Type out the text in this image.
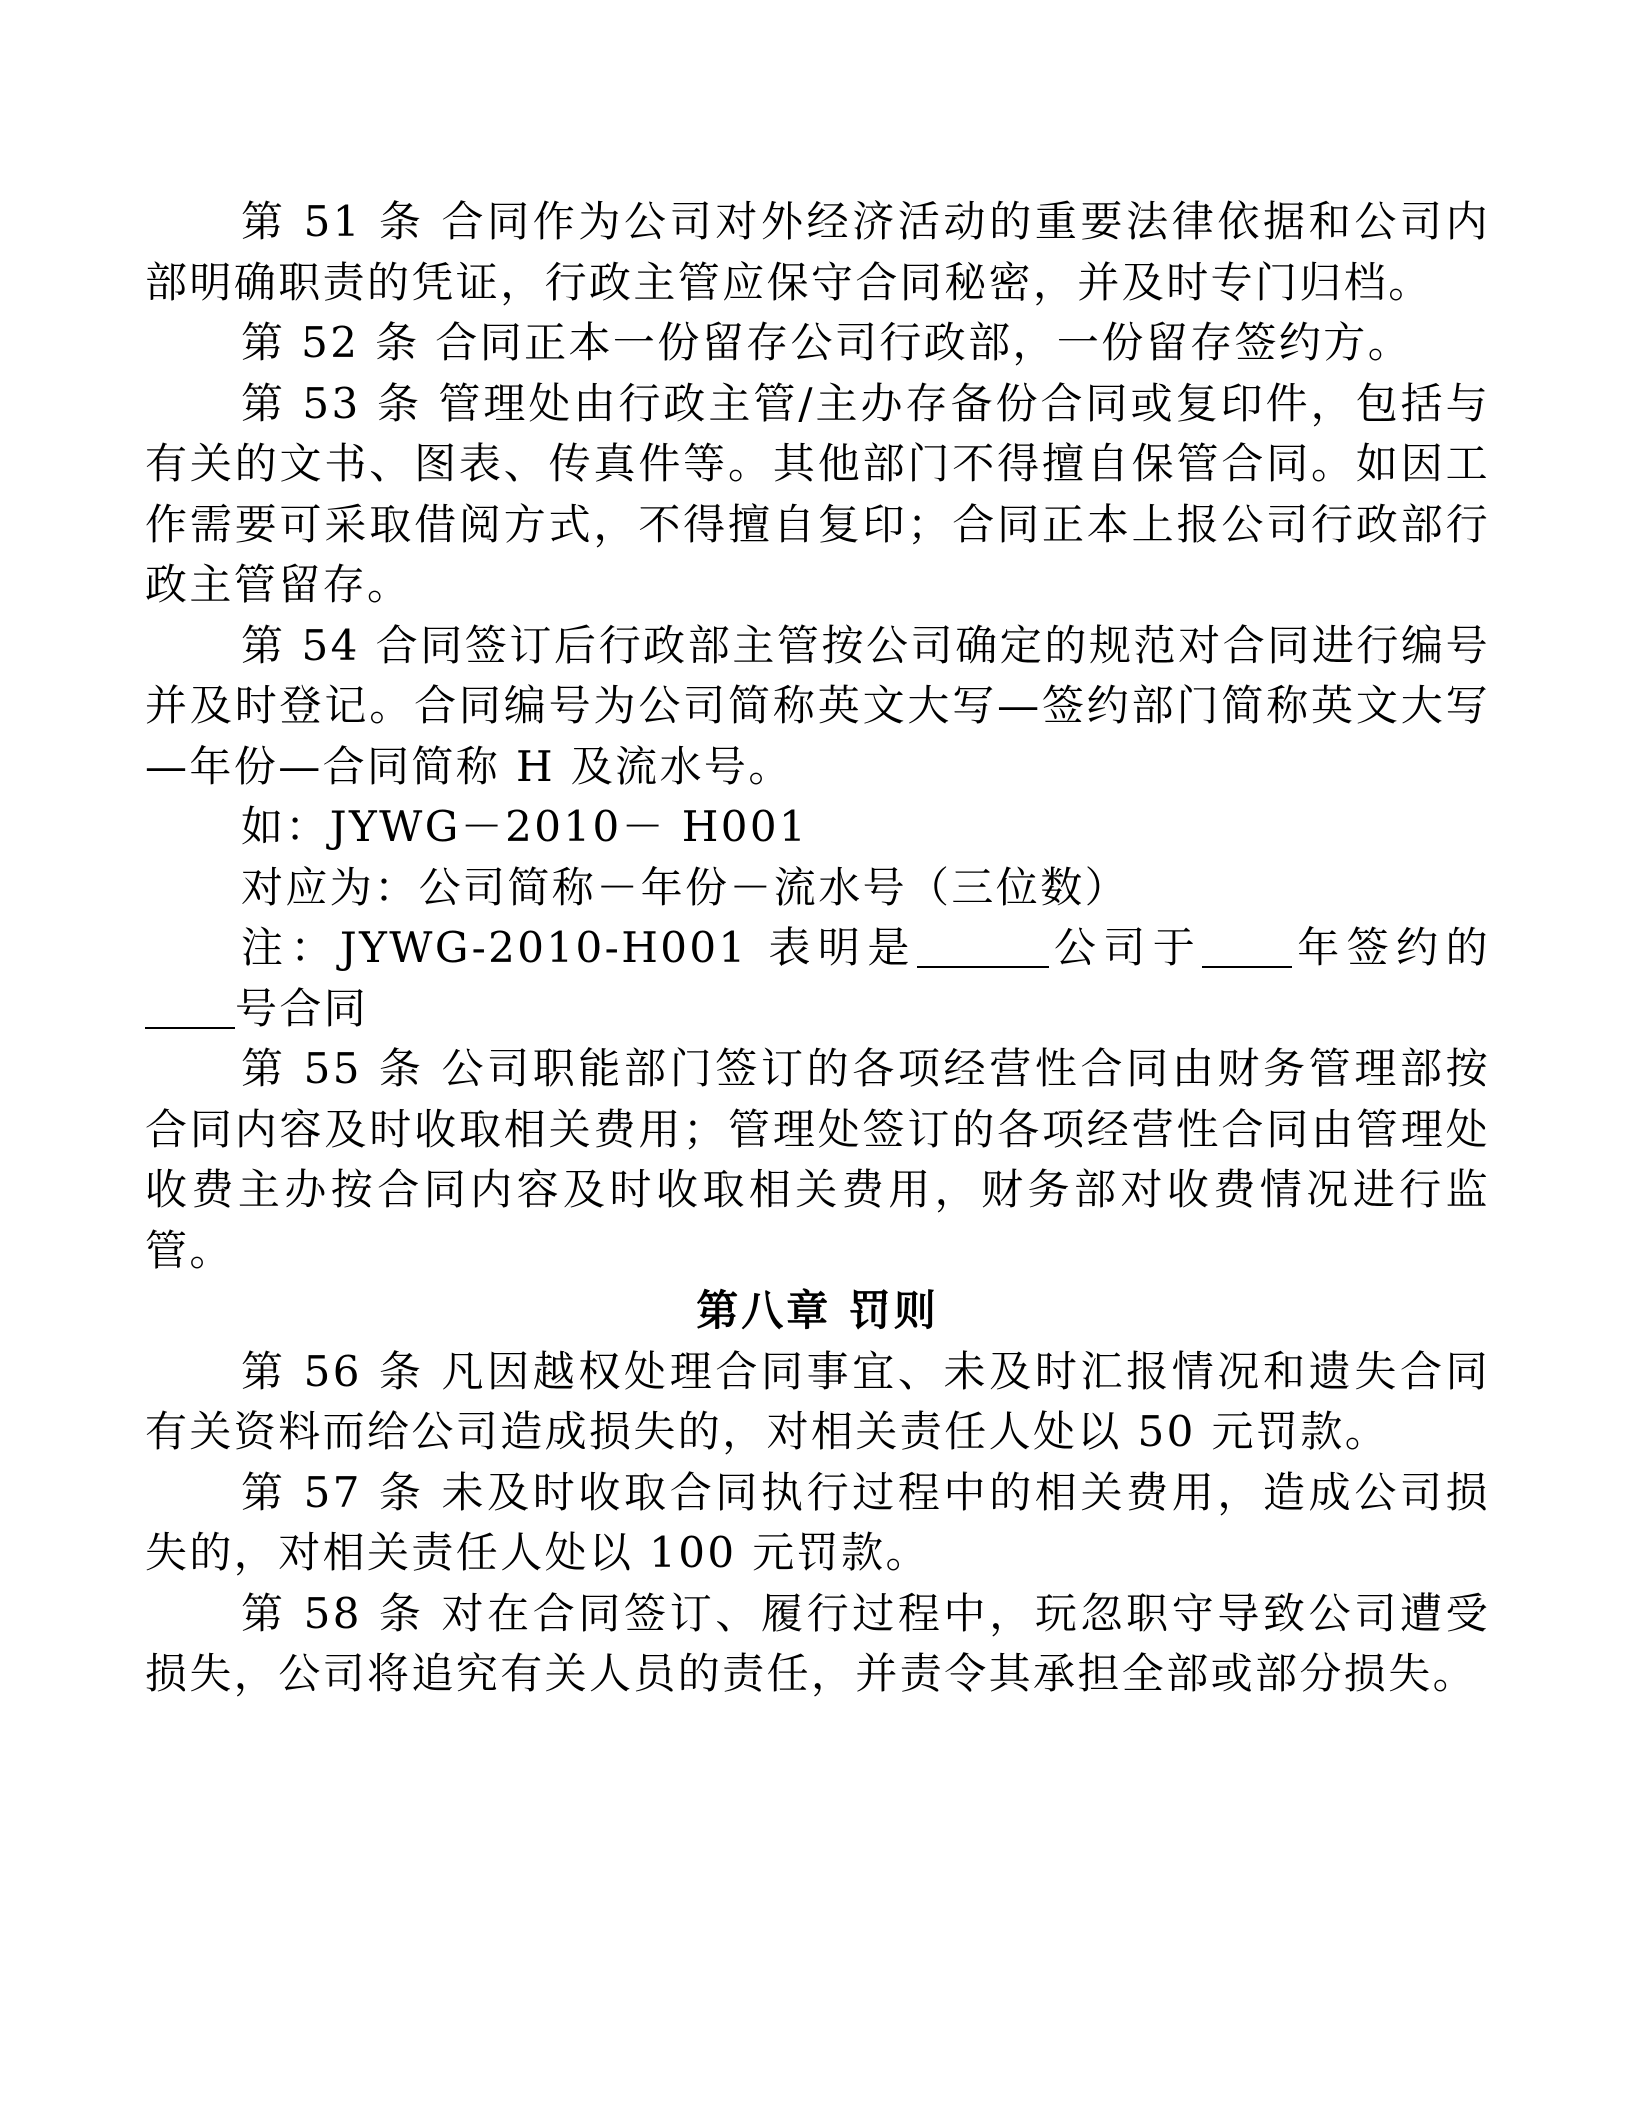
第 51 条 合同作为公司对外经济活动的重要法律依据和公司内部明确职责的凭证，行政主管应保守合同秘密，并及时专门归档。

第 52 条 合同正本一份留存公司行政部，一份留存签约方。

第 53 条 管理处由行政主管/主办存备份合同或复印件，包括与有关的文书、图表、传真件等。其他部门不得擅自保管合同。如因工作需要可采取借阅方式，不得擅自复印；合同正本上报公司行政部行政主管留存。

第 54 合同签订后行政部主管按公司确定的规范对合同进行编号并及时登记。合同编号为公司简称英文大写—签约部门简称英文大写—年份—合同简称 H 及流水号。

如：JYWG－2010－ H001

对应为：公司简称－年份－流水号（三位数）

注：JYWG-2010-H001 表明是	公司于 年签约的号合同

第 55 条 公司职能部门签订的各项经营性合同由财务管理部按合同内容及时收取相关费用；管理处签订的各项经营性合同由管理处收费主办按合同内容及时收取相关费用，财务部对收费情况进行监管。

第八章 罚则

第 56 条 凡因越权处理合同事宜、未及时汇报情况和遗失合同有关资料而给公司造成损失的，对相关责任人处以 50 元罚款。

第 57 条 未及时收取合同执行过程中的相关费用，造成公司损失的，对相关责任人处以 100 元罚款。

第 58 条 对在合同签订、履行过程中，玩忽职守导致公司遭受损失，公司将追究有关人员的责任，并责令其承担全部或部分损失。
